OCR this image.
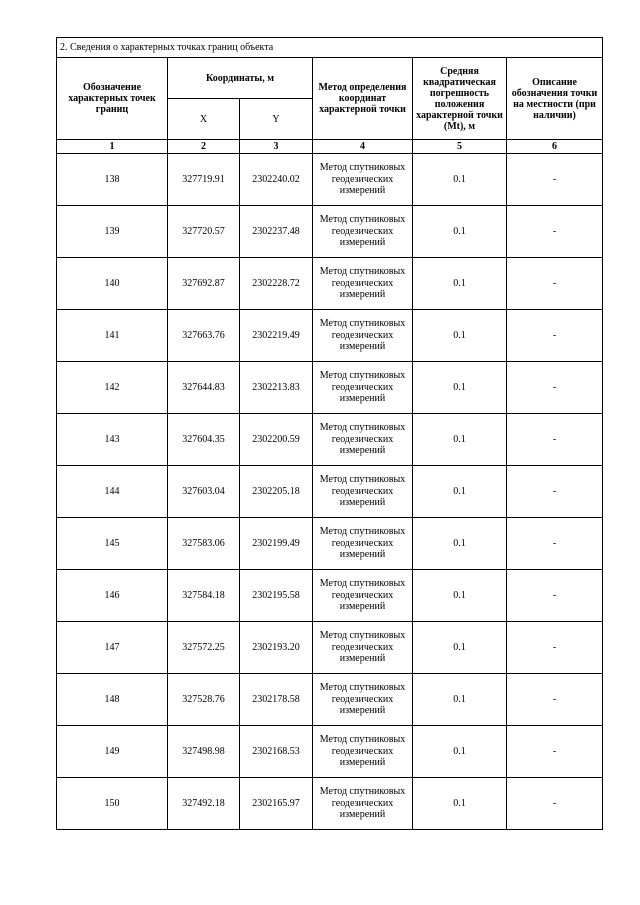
2. Сведения о характерных точках границ объекта					
Обозначение характерных точек границ	Координаты, м		Метод определения координат характерной точки	Средняя квадратическая погрешность положения характерной точки (Mt), м	Описание обозначения точки на местности (при наличии)
	X	Y			
1	2	3	4	5	6
138	327719.91	2302240.02	Метод спутниковых геодезических измерений	0.1	-
139	327720.57	2302237.48	Метод спутниковых геодезических измерений	0.1	-
140	327692.87	2302228.72	Метод спутниковых геодезических измерений	0.1	-
141	327663.76	2302219.49	Метод спутниковых геодезических измерений	0.1	-
142	327644.83	2302213.83	Метод спутниковых геодезических измерений	0.1	-
143	327604.35	2302200.59	Метод спутниковых геодезических измерений	0.1	-
144	327603.04	2302205.18	Метод спутниковых геодезических измерений	0.1	-
145	327583.06	2302199.49	Метод спутниковых геодезических измерений	0.1	-
146	327584.18	2302195.58	Метод спутниковых геодезических измерений	0.1	-
147	327572.25	2302193.20	Метод спутниковых геодезических измерений	0.1	-
148	327528.76	2302178.58	Метод спутниковых геодезических измерений	0.1	-
149	327498.98	2302168.53	Метод спутниковых геодезических измерений	0.1	-
150	327492.18	2302165.97	Метод спутниковых геодезических измерений	0.1	-
